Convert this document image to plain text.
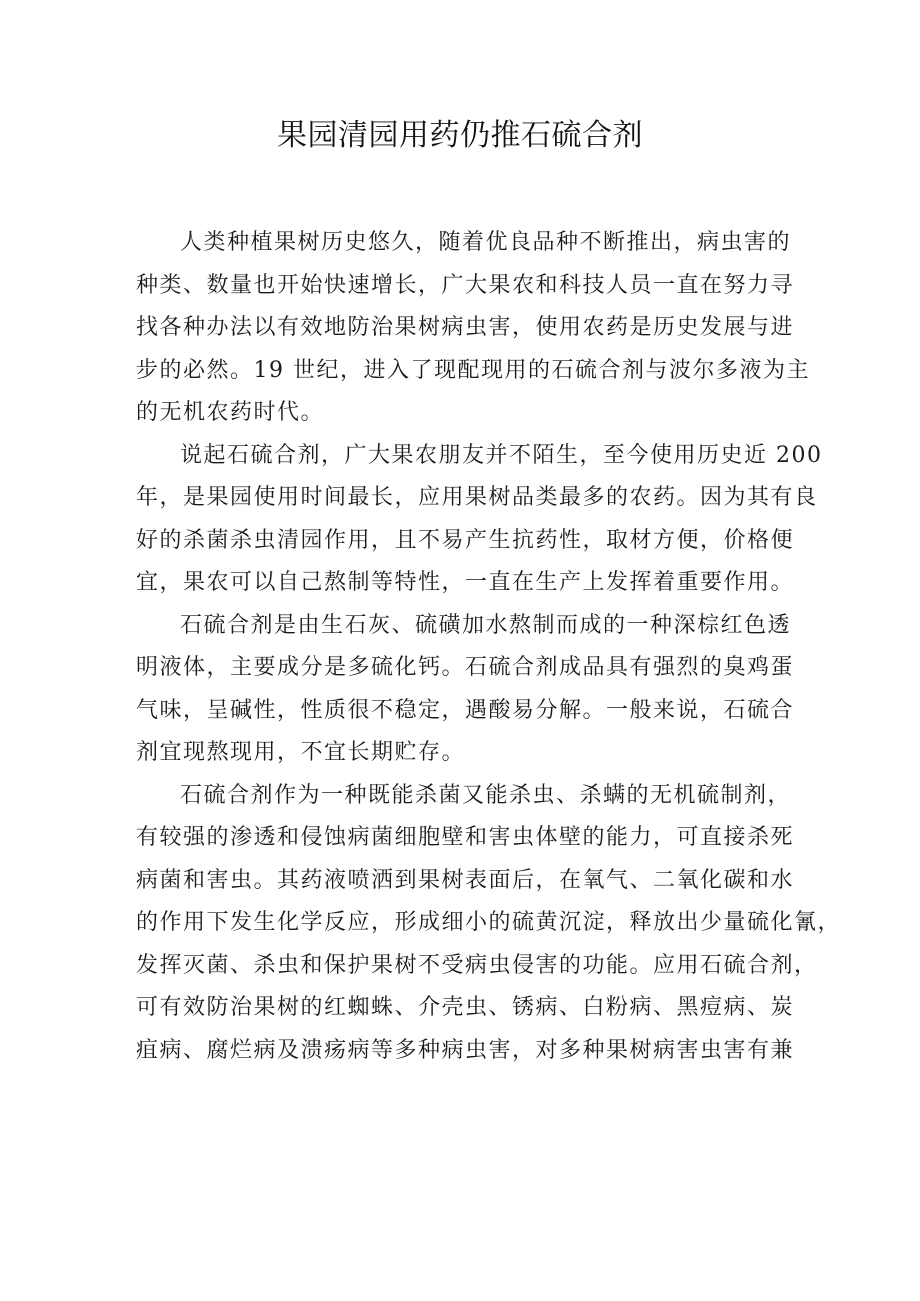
果园清园用药仍推石硫合剂

人类种植果树历史悠久，随着优良品种不断推出，病虫害的
种类、数量也开始快速增长，广大果农和科技人员一直在努力寻
找各种办法以有效地防治果树病虫害，使用农药是历史发展与进
步的必然。19 世纪，进入了现配现用的石硫合剂与波尔多液为主
的无机农药时代。

说起石硫合剂，广大果农朋友并不陌生，至今使用历史近 200
年，是果园使用时间最长，应用果树品类最多的农药。因为其有良
好的杀菌杀虫清园作用，且不易产生抗药性，取材方便，价格便
宜，果农可以自己熬制等特性，一直在生产上发挥着重要作用。

石硫合剂是由生石灰、硫磺加水熬制而成的一种深棕红色透
明液体，主要成分是多硫化钙。石硫合剂成品具有强烈的臭鸡蛋
气味，呈碱性，性质很不稳定，遇酸易分解。一般来说，石硫合
剂宜现熬现用，不宜长期贮存。

石硫合剂作为一种既能杀菌又能杀虫、杀螨的无机硫制剂，
有较强的渗透和侵蚀病菌细胞壁和害虫体壁的能力，可直接杀死
病菌和害虫。其药液喷洒到果树表面后，在氧气、二氧化碳和水
的作用下发生化学反应，形成细小的硫黄沉淀，释放出少量硫化氰，
发挥灭菌、杀虫和保护果树不受病虫侵害的功能。应用石硫合剂，
可有效防治果树的红蜘蛛、介壳虫、锈病、白粉病、黑痘病、炭
疽病、腐烂病及溃疡病等多种病虫害，对多种果树病害虫害有兼
